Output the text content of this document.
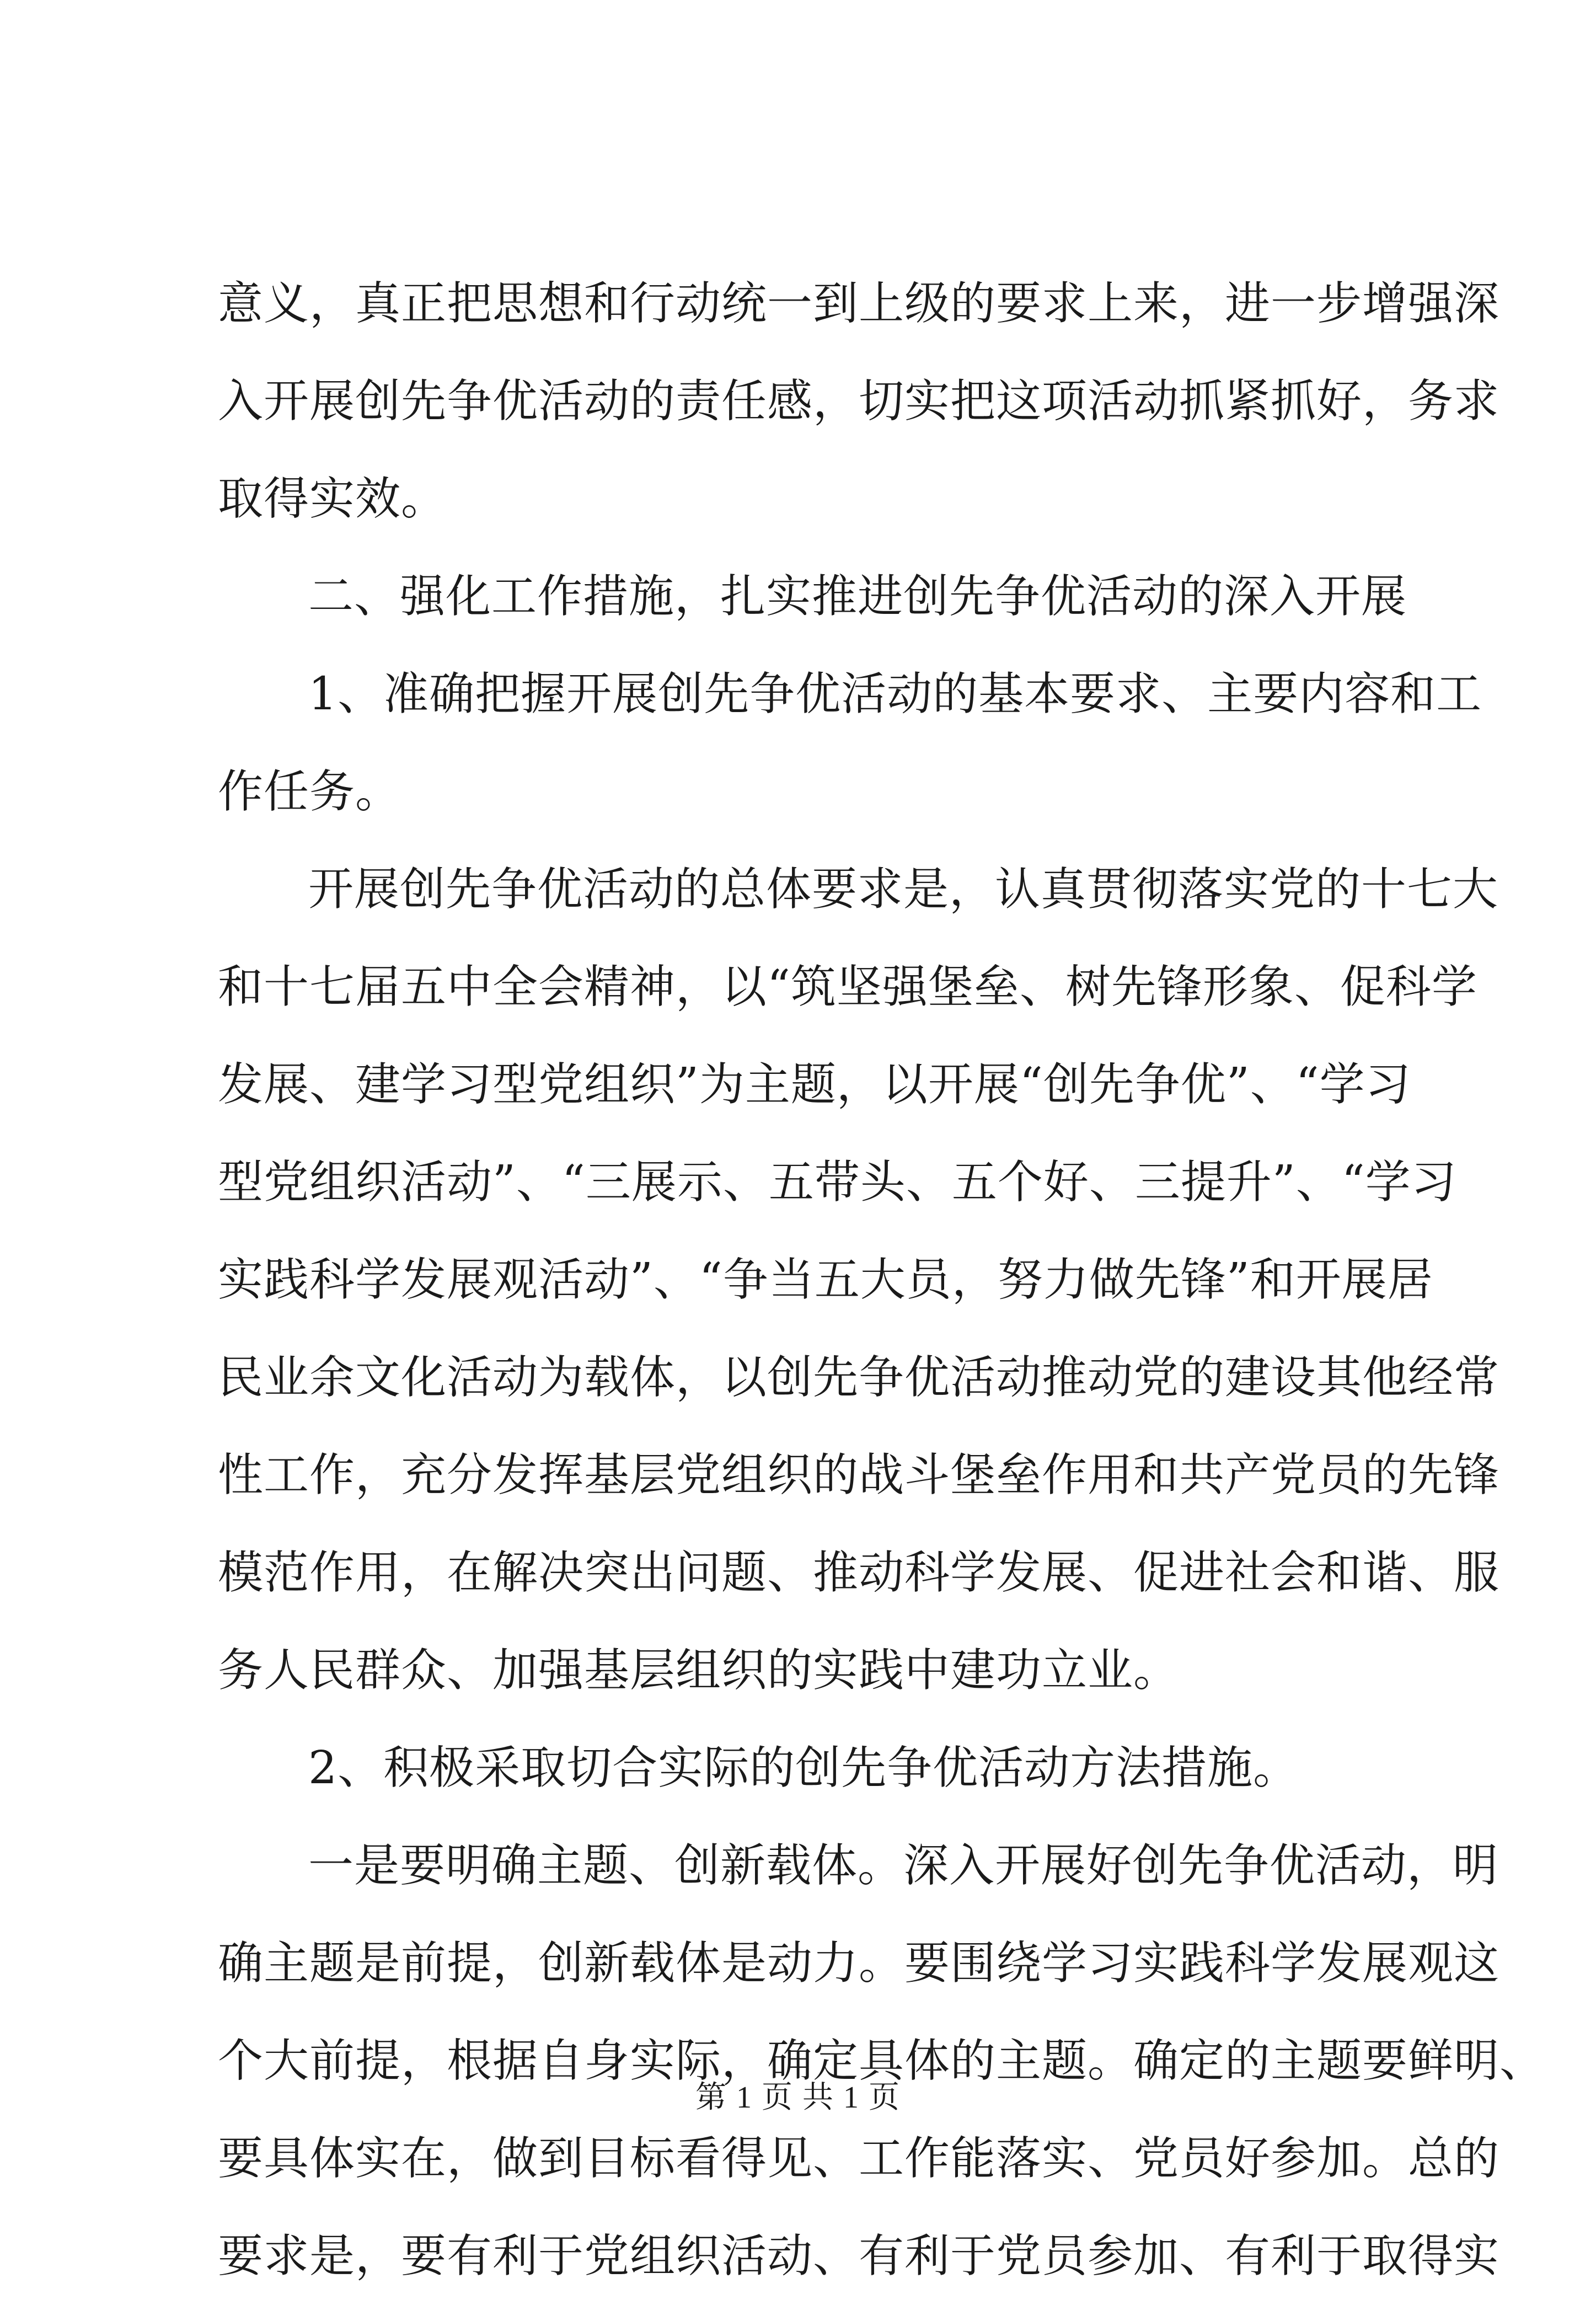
意义，真正把思想和行动统一到上级的要求上来，进一步增强深
入开展创先争优活动的责任感，切实把这项活动抓紧抓好，务求
取得实效。
二、强化工作措施，扎实推进创先争优活动的深入开展
1、准确把握开展创先争优活动的基本要求、主要内容和工
作任务。
开展创先争优活动的总体要求是，认真贯彻落实党的十七大
和十七届五中全会精神，以“筑坚强堡垒、树先锋形象、促科学
发展、建学习型党组织”为主题，以开展“创先争优”、“学习
型党组织活动”、“三展示、五带头、五个好、三提升”、“学习
实践科学发展观活动”、“争当五大员，努力做先锋”和开展居
民业余文化活动为载体，以创先争优活动推动党的建设其他经常
性工作，充分发挥基层党组织的战斗堡垒作用和共产党员的先锋
模范作用，在解决突出问题、推动科学发展、促进社会和谐、服
务人民群众、加强基层组织的实践中建功立业。
2、积极采取切合实际的创先争优活动方法措施。
一是要明确主题、创新载体。深入开展好创先争优活动，明
确主题是前提，创新载体是动力。要围绕学习实践科学发展观这
个大前提，根据自身实际，确定具体的主题。确定的主题要鲜明、
要具体实在，做到目标看得见、工作能落实、党员好参加。总的
要求是，要有利于党组织活动、有利于党员参加、有利于取得实
第 1 页 共 1 页
